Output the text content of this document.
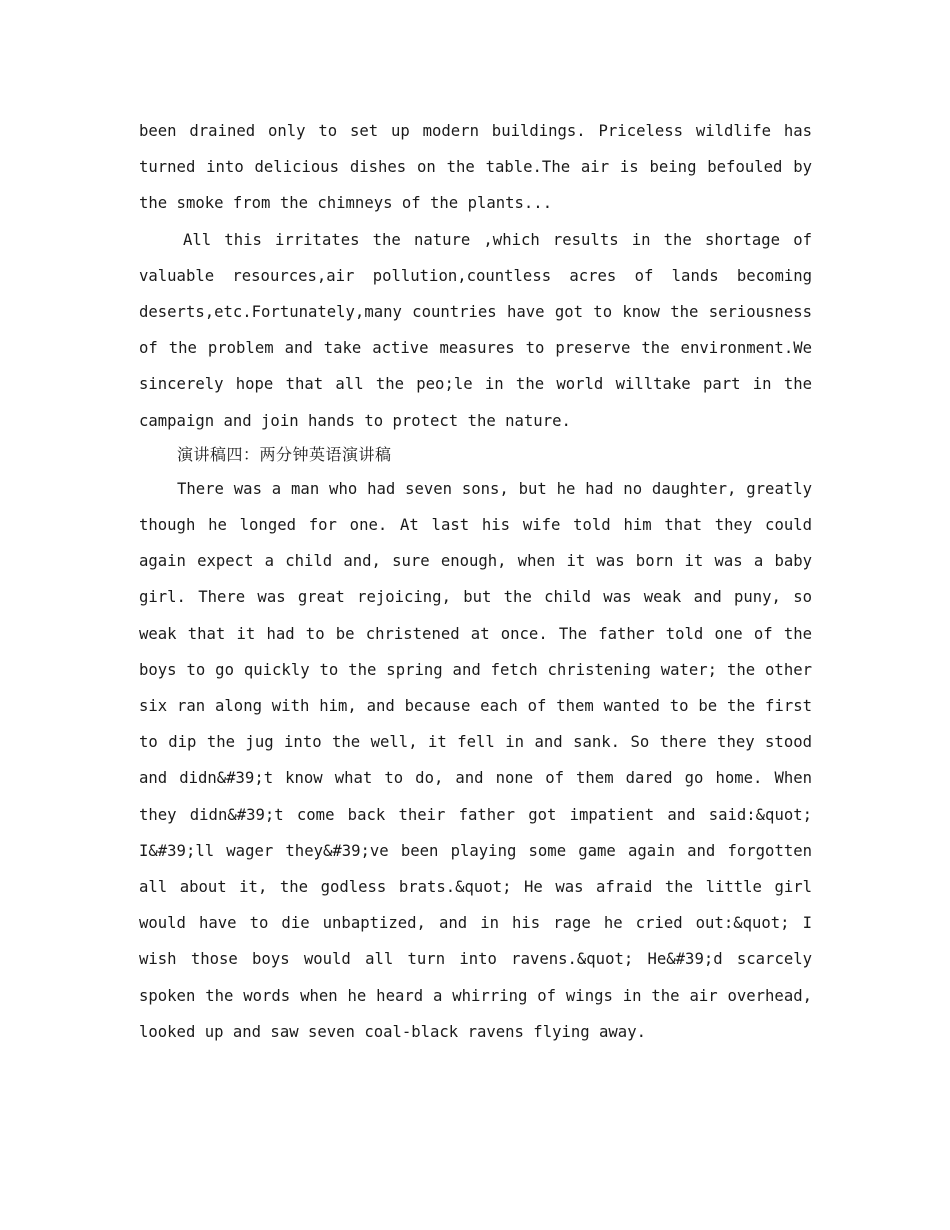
been drained only to set up modern buildings. Priceless wildlife has turned into delicious dishes on the table.The air is being befouled by the smoke from the chimneys of the plants...

All this irritates the nature ,which results in the shortage of valuable resources,air pollution,countless acres of lands becoming deserts,etc.Fortunately,many countries have got to know the seriousness of the problem and take active measures to preserve the environment.We sincerely hope that all the peo;le in the world willtake part in the campaign and join hands to protect the nature.

演讲稿四：两分钟英语演讲稿

There was a man who had seven sons, but he had no daughter, greatly though he longed for one. At last his wife told him that they could again expect a child and, sure enough, when it was born it was a baby girl. There was great rejoicing, but the child was weak and puny, so weak that it had to be christened at once. The father told one of the boys to go quickly to the spring and fetch christening water; the other six ran along with him, and because each of them wanted to be the first to dip the jug into the well, it fell in and sank. So there they stood and didn&#39;t know what to do, and none of them dared go home. When they didn&#39;t come back their father got impatient and said:&quot; I&#39;ll wager they&#39;ve been playing some game again and forgotten all about it, the godless brats.&quot; He was afraid the little girl would have to die unbaptized, and in his rage he cried out:&quot; I wish those boys would all turn into ravens.&quot; He&#39;d scarcely spoken the words when he heard a whirring of wings in the air overhead, looked up and saw seven coal-black ravens flying away.
